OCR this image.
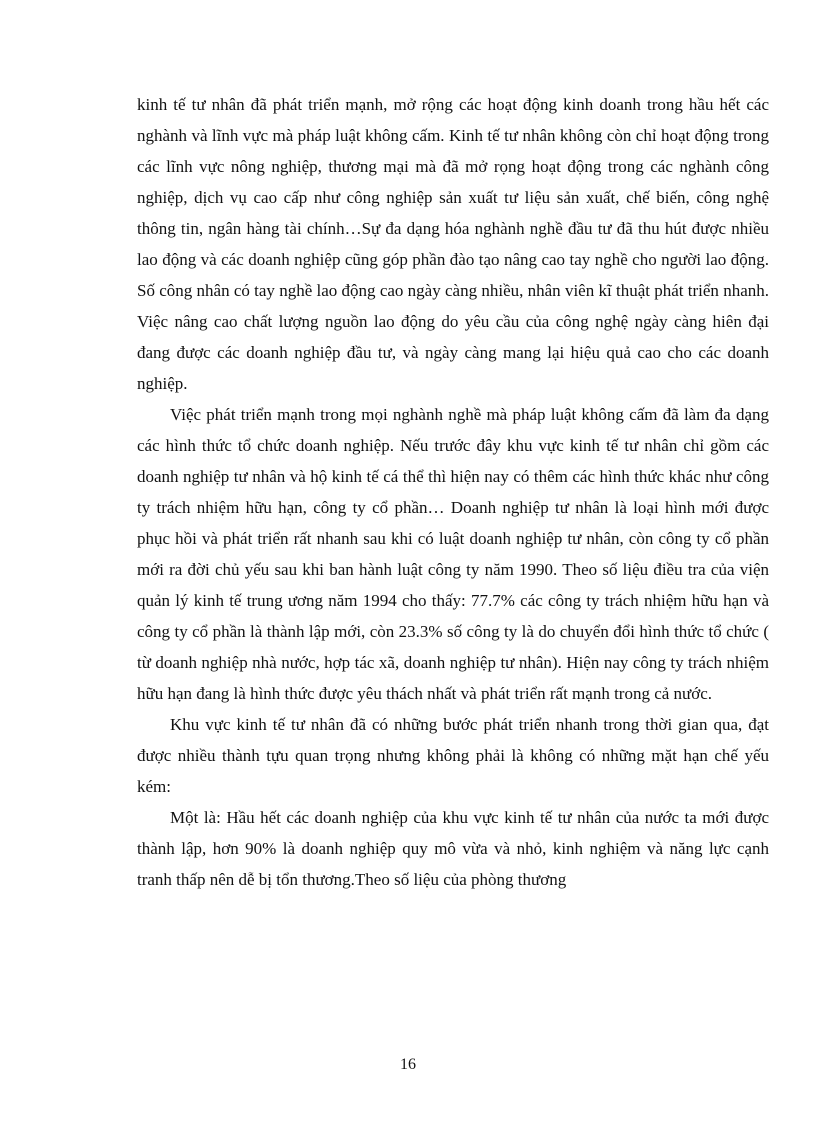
kinh tế tư nhân đã phát triển mạnh, mở rộng các hoạt động kinh doanh trong hầu hết các nghành và lĩnh vực mà pháp luật không cấm. Kinh tế tư nhân không còn chỉ hoạt động trong các lĩnh vực nông nghiệp, thương mại mà đã mở rọng hoạt động trong các nghành công nghiệp, dịch vụ cao cấp như công nghiệp sản xuất tư liệu sản xuất, chế biến, công nghệ thông tin, ngân hàng tài chính…Sự đa dạng hóa nghành nghề đầu tư đã thu hút được nhiều lao động và các doanh nghiệp cũng góp phần đào tạo nâng cao tay nghề cho người lao động. Số công nhân có tay nghề lao động cao ngày càng nhiều, nhân viên kĩ thuật phát triển nhanh. Việc nâng cao chất lượng nguồn lao động do yêu cầu của công nghệ ngày càng hiên đại đang được các doanh nghiệp đầu tư, và ngày càng mang lại hiệu quả cao cho các doanh nghiệp.

Việc phát triển mạnh trong mọi nghành nghề mà pháp luật không cấm đã làm đa dạng các hình thức tổ chức doanh nghiệp. Nếu trước đây khu vực kinh tế tư nhân chỉ gồm các doanh nghiệp tư nhân và hộ kinh tế cá thể thì hiện nay có thêm các hình thức khác như công ty trách nhiệm hữu hạn, công ty cổ phần… Doanh nghiệp tư nhân là loại hình mới được phục hồi và phát triển rất nhanh sau khi có luật doanh nghiệp tư nhân, còn công ty cổ phần mới ra đời chủ yếu sau khi ban hành luật công ty năm 1990. Theo số liệu điều tra của viện quản lý kinh tế trung ương năm 1994 cho thấy: 77.7% các công ty trách nhiệm hữu hạn và công ty cổ phần là thành lập mới, còn 23.3% số công ty là do chuyển đổi hình thức tổ chức ( từ doanh nghiệp nhà nước, hợp tác xã, doanh nghiệp tư nhân). Hiện nay công ty trách nhiệm hữu hạn đang là hình thức được yêu thách nhất và phát triển rất mạnh trong cả nước.

Khu vực kinh tế tư nhân đã có những bước phát triển nhanh trong thời gian qua, đạt được nhiều thành tựu quan trọng nhưng không phải là không có những mặt hạn chế yếu kém:

Một là: Hầu hết các doanh nghiệp của khu vực kinh tế tư nhân của nước ta mới được thành lập, hơn 90% là doanh nghiệp quy mô vừa và nhỏ, kinh nghiệm và năng lực cạnh tranh thấp nên dễ bị tổn thương.Theo số liệu của phòng thương

16
